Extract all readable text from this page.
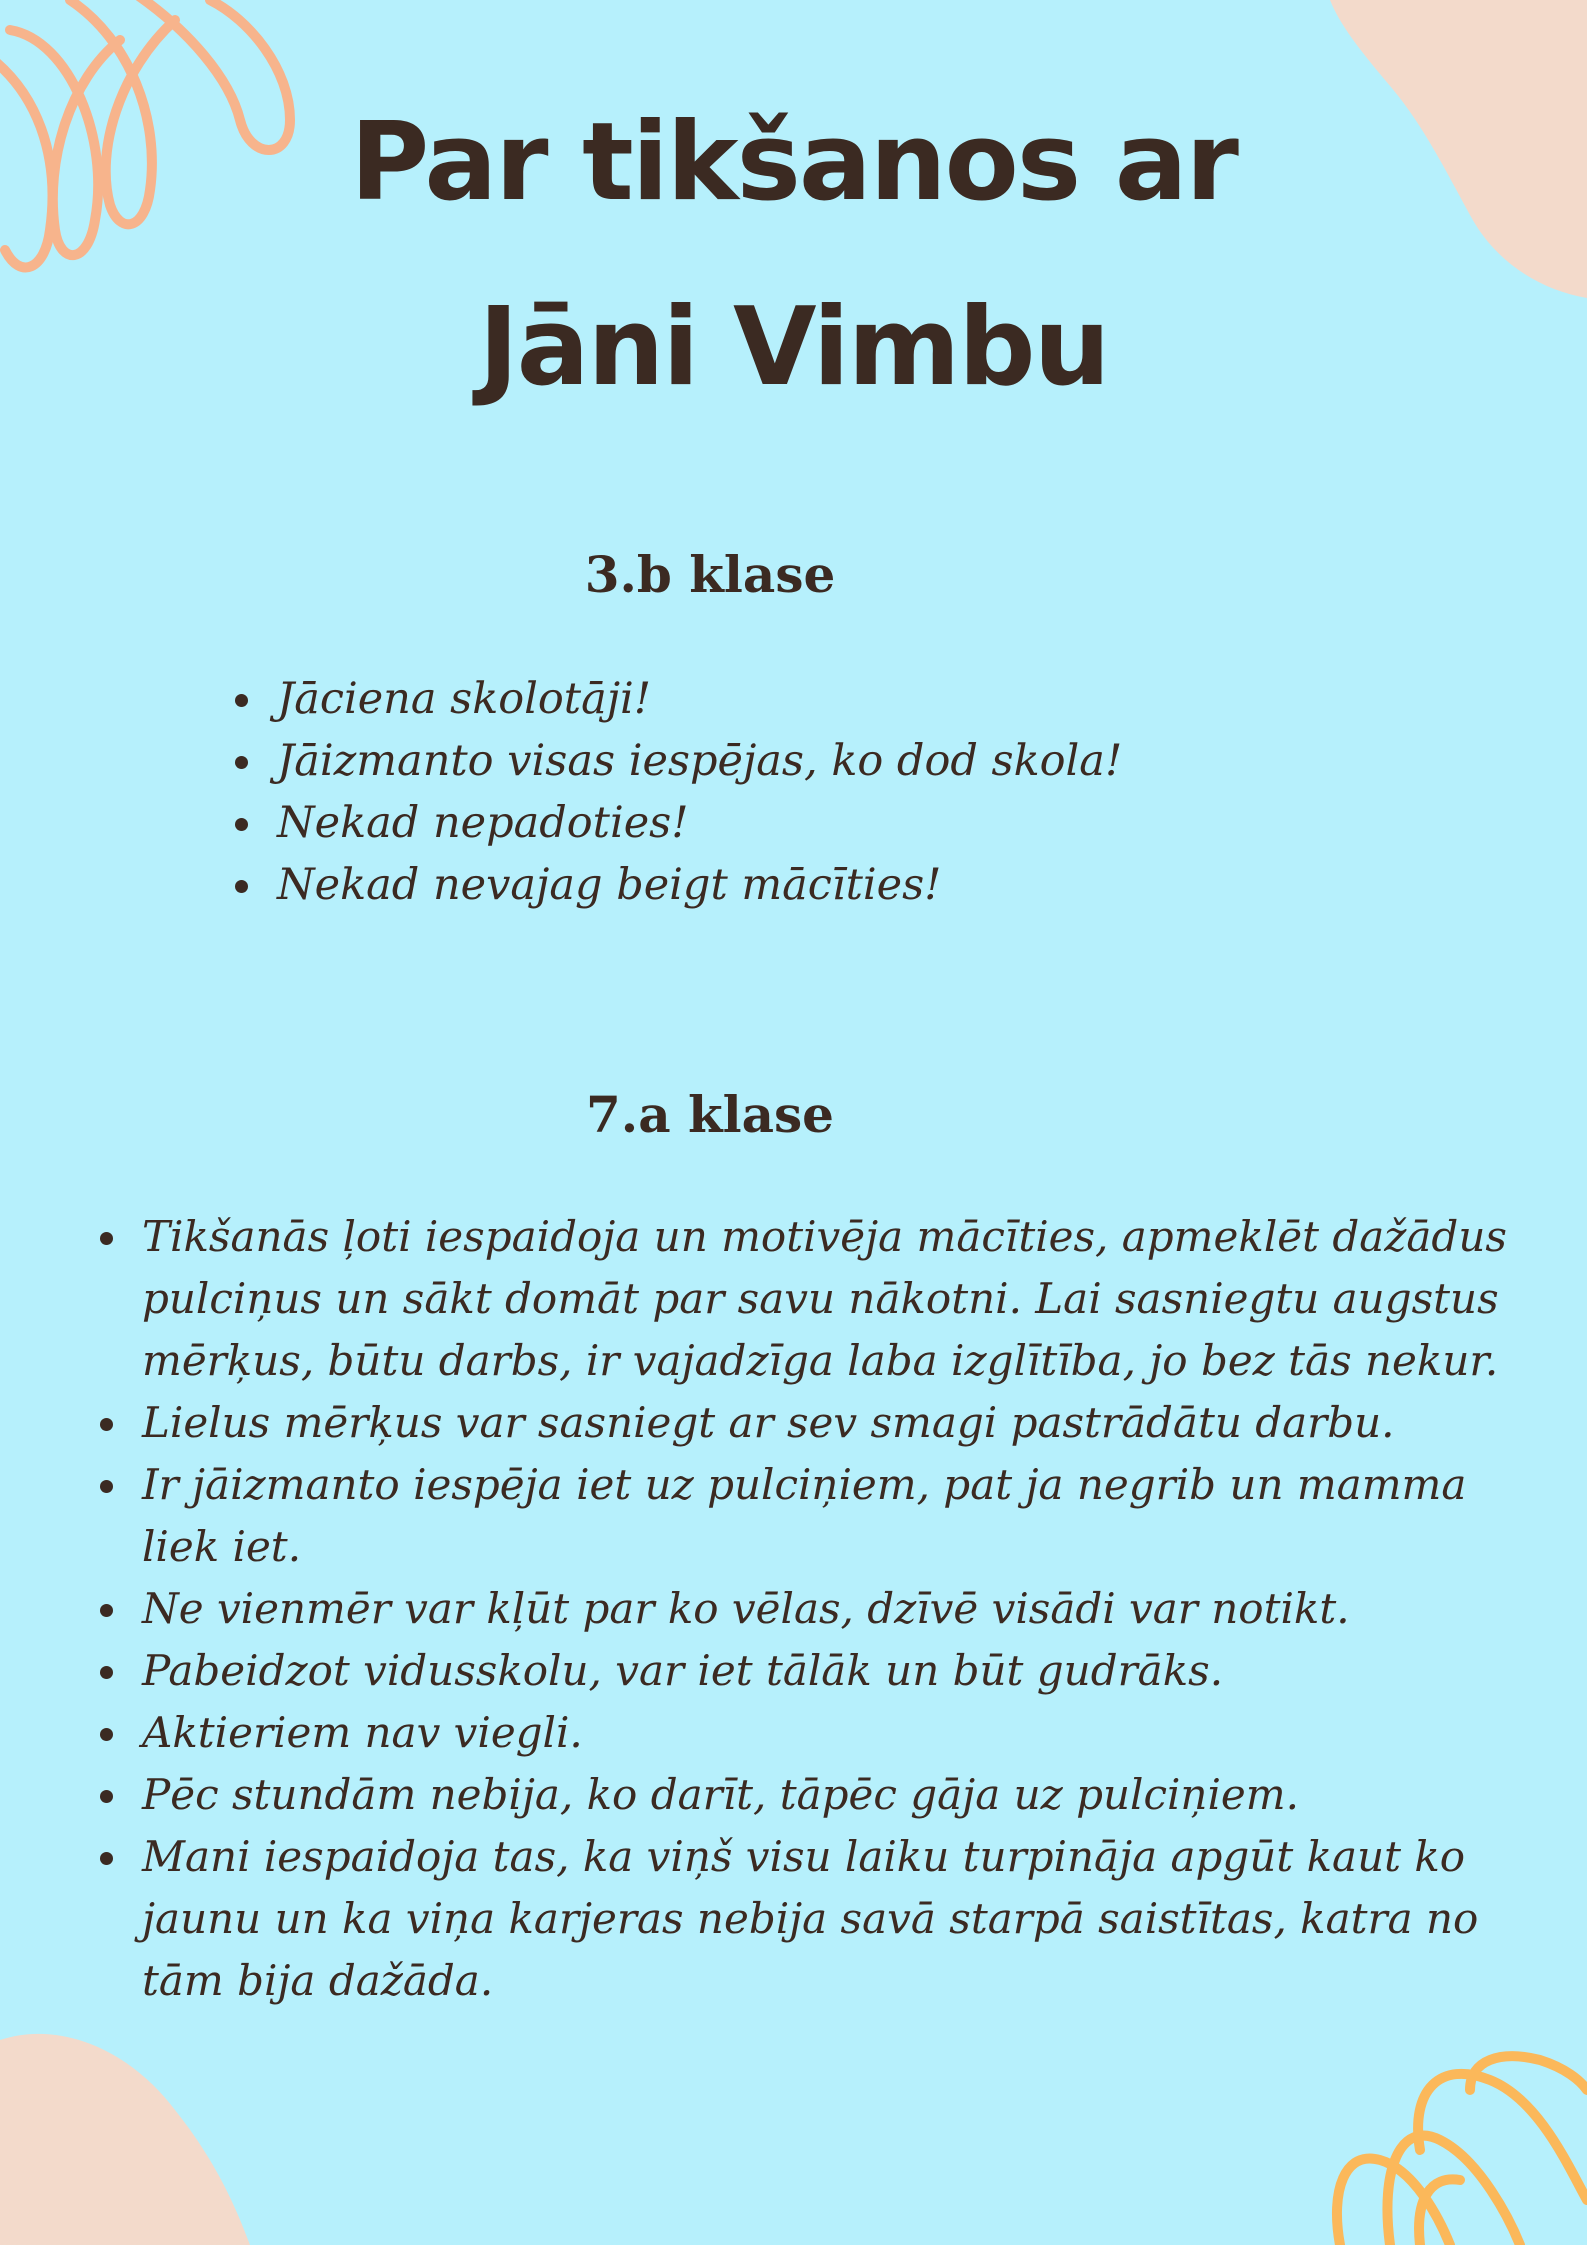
Par tikšanos ar
Jāni Vimbu
3.b klase
Jāciena skolotāji!
Jāizmanto visas iespējas, ko dod skola!
Nekad nepadoties!
Nekad nevajag beigt mācīties!
7.a klase
Tikšanās ļoti iespaidoja un motivēja mācīties, apmeklēt dažādus pulciņus un sākt domāt par savu nākotni. Lai sasniegtu augstus mērķus, būtu darbs, ir vajadzīga laba izglītība, jo bez tās nekur.
Lielus mērķus var sasniegt ar sev smagi pastrādātu darbu.
Ir jāizmanto iespēja iet uz pulciņiem, pat ja negrib un mamma liek iet.
Ne vienmēr var kļūt par ko vēlas, dzīvē visādi var notikt.
Pabeidzot vidusskolu, var iet tālāk un būt gudrāks.
Aktieriem nav viegli.
Pēc stundām nebija, ko darīt, tāpēc gāja uz pulciņiem.
Mani iespaidoja tas, ka viņš visu laiku turpināja apgūt kaut ko jaunu un ka viņa karjeras nebija savā starpā saistītas, katra no tām bija dažāda.
